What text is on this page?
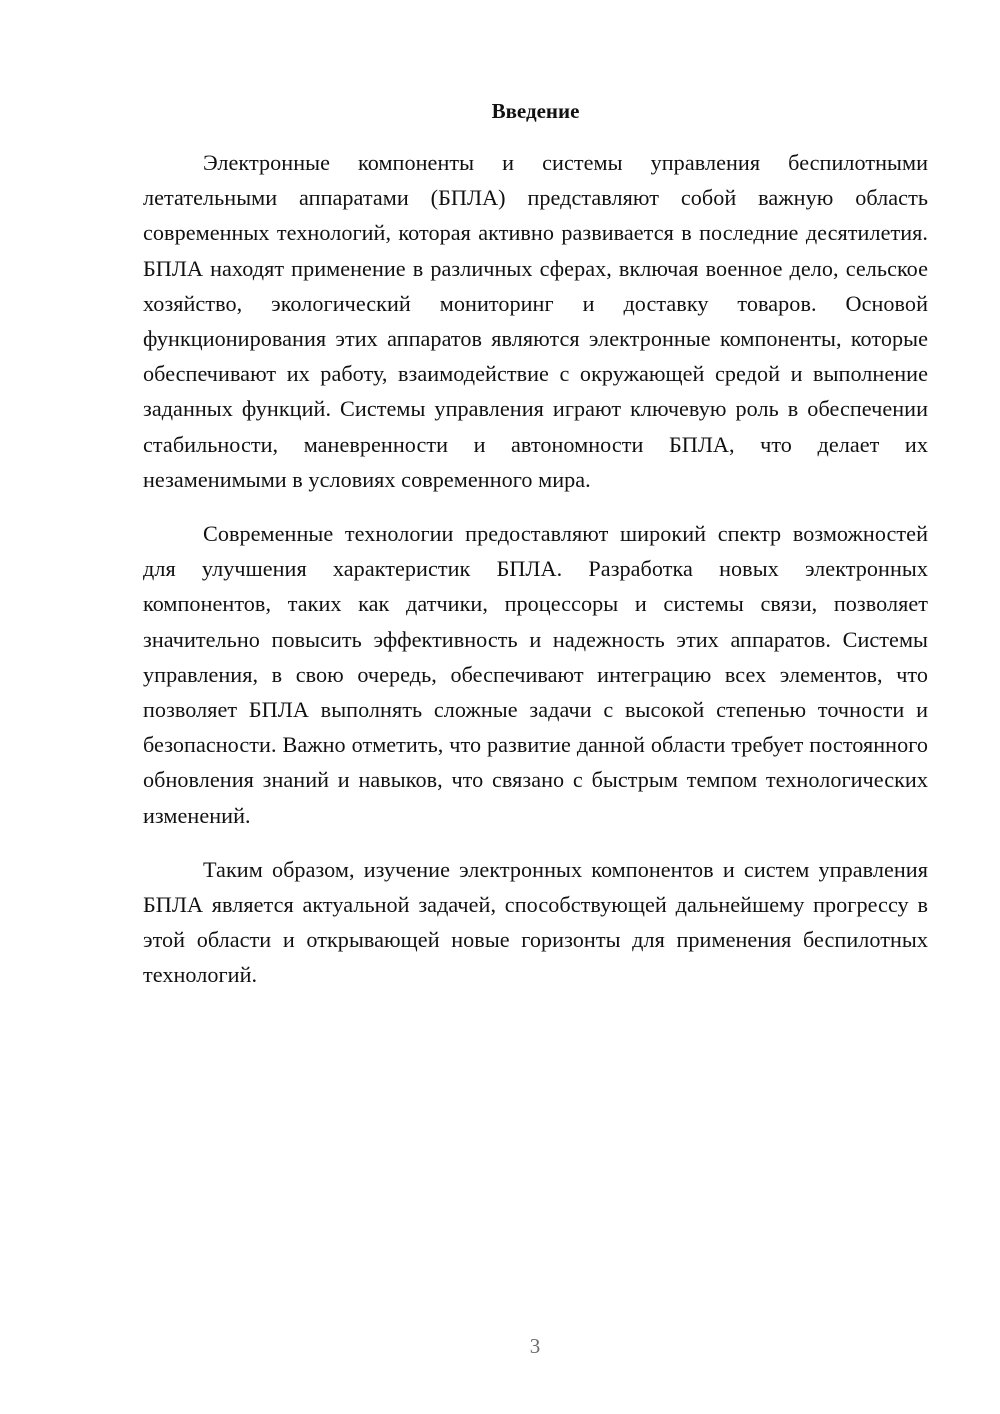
Введение

Электронные компоненты и системы управления беспилотными летательными аппаратами (БПЛА) представляют собой важную область современных технологий, которая активно развивается в последние десятилетия. БПЛА находят применение в различных сферах, включая военное дело, сельское хозяйство, экологический мониторинг и доставку товаров. Основой функционирования этих аппаратов являются электронные компоненты, которые обеспечивают их работу, взаимодействие с окружающей средой и выполнение заданных функций. Системы управления играют ключевую роль в обеспечении стабильности, маневренности и автономности БПЛА, что делает их незаменимыми в условиях современного мира.

Современные технологии предоставляют широкий спектр возможностей для улучшения характеристик БПЛА. Разработка новых электронных компонентов, таких как датчики, процессоры и системы связи, позволяет значительно повысить эффективность и надежность этих аппаратов. Системы управления, в свою очередь, обеспечивают интеграцию всех элементов, что позволяет БПЛА выполнять сложные задачи с высокой степенью точности и безопасности. Важно отметить, что развитие данной области требует постоянного обновления знаний и навыков, что связано с быстрым темпом технологических изменений.

Таким образом, изучение электронных компонентов и систем управления БПЛА является актуальной задачей, способствующей дальнейшему прогрессу в этой области и открывающей новые горизонты для применения беспилотных технологий.

3
